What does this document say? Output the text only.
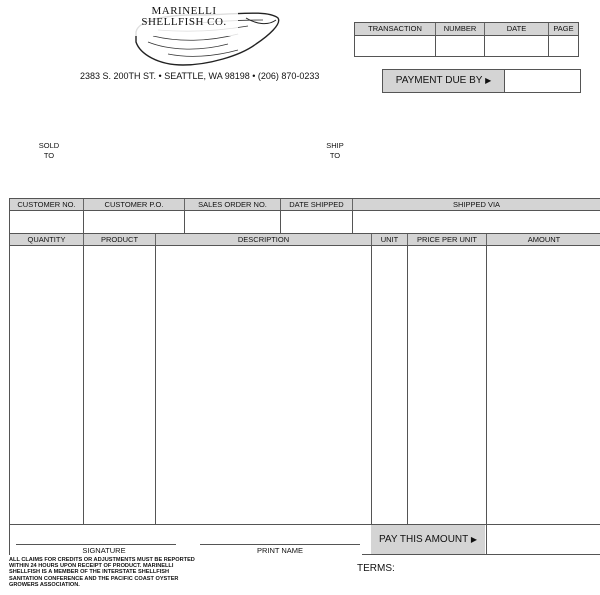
MARINELLI
SHELLFISH CO.
2383 S. 200TH ST. • SEATTLE, WA 98198 • (206) 870-0233
TRANSACTION	NUMBER	DATE	PAGE
PAYMENT DUE BY ▶
SOLD
TO
SHIP
TO
CUSTOMER NO.	CUSTOMER P.O.	SALES ORDER NO.	DATE SHIPPED	SHIPPED VIA
QUANTITY	PRODUCT	DESCRIPTION	UNIT	PRICE PER UNIT	AMOUNT
PAY THIS AMOUNT ▶
SIGNATURE	PRINT NAME
ALL CLAIMS FOR CREDITS OR ADJUSTMENTS MUST BE REPORTED WITHIN 24 HOURS UPON RECEIPT OF PRODUCT. MARINELLI SHELLFISH IS A MEMBER OF THE INTERSTATE SHELLFISH SANITATION CONFERENCE AND THE PACIFIC COAST OYSTER GROWERS ASSOCIATION.
TERMS:
